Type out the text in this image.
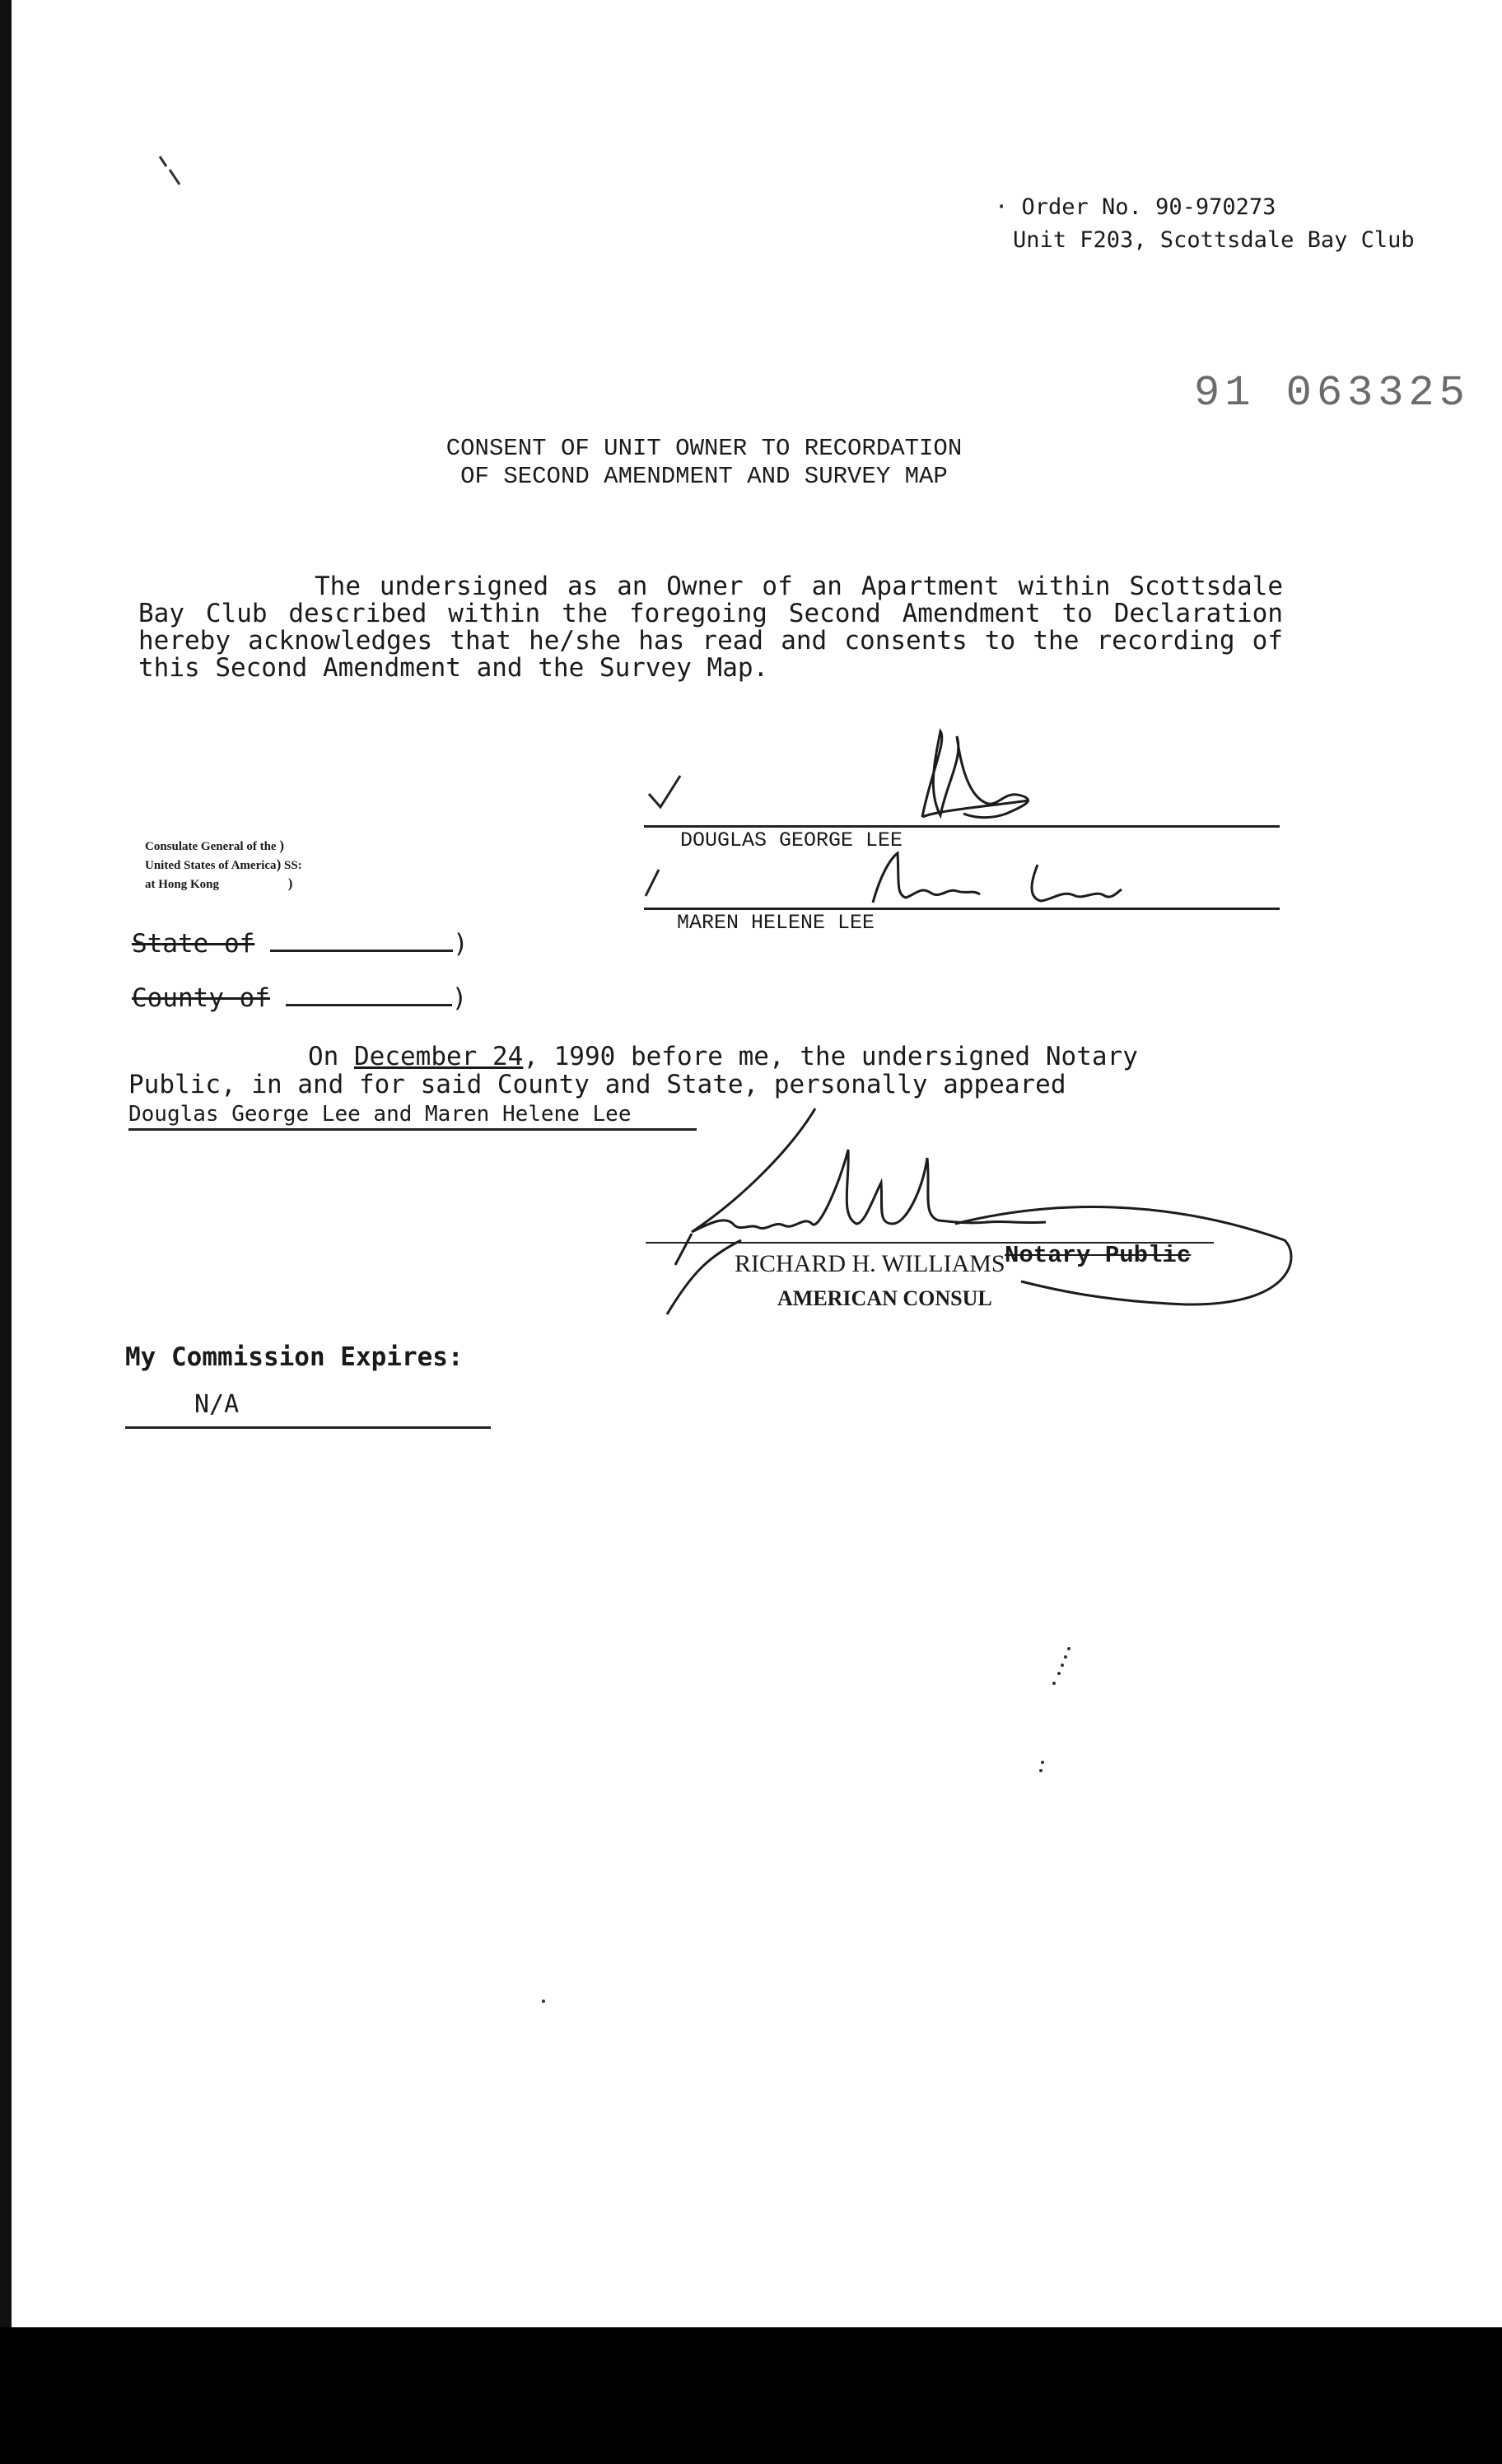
· Order No. 90-970273
Unit F203, Scottsdale Bay Club
91 063325
CONSENT OF UNIT OWNER TO RECORDATION
OF SECOND AMENDMENT AND SURVEY MAP
The undersigned as an Owner of an Apartment within Scottsdale Bay Club described within the foregoing Second Amendment to Declaration hereby acknowledges that he/she has read and consents to the recording of this Second Amendment and the Survey Map.
DOUGLAS GEORGE LEE
MAREN HELENE LEE
Consulate General of the )
United States of America) SS:
at Hong Kong	)
State of	)
County of	)
On December 24, 1990 before me, the undersigned Notary
Public, in and for said County and State, personally appeared
Douglas George Lee and Maren Helene Lee
RICHARD H. WILLIAMS
AMERICAN CONSUL
Notary Public
My Commission Expires:
N/A
